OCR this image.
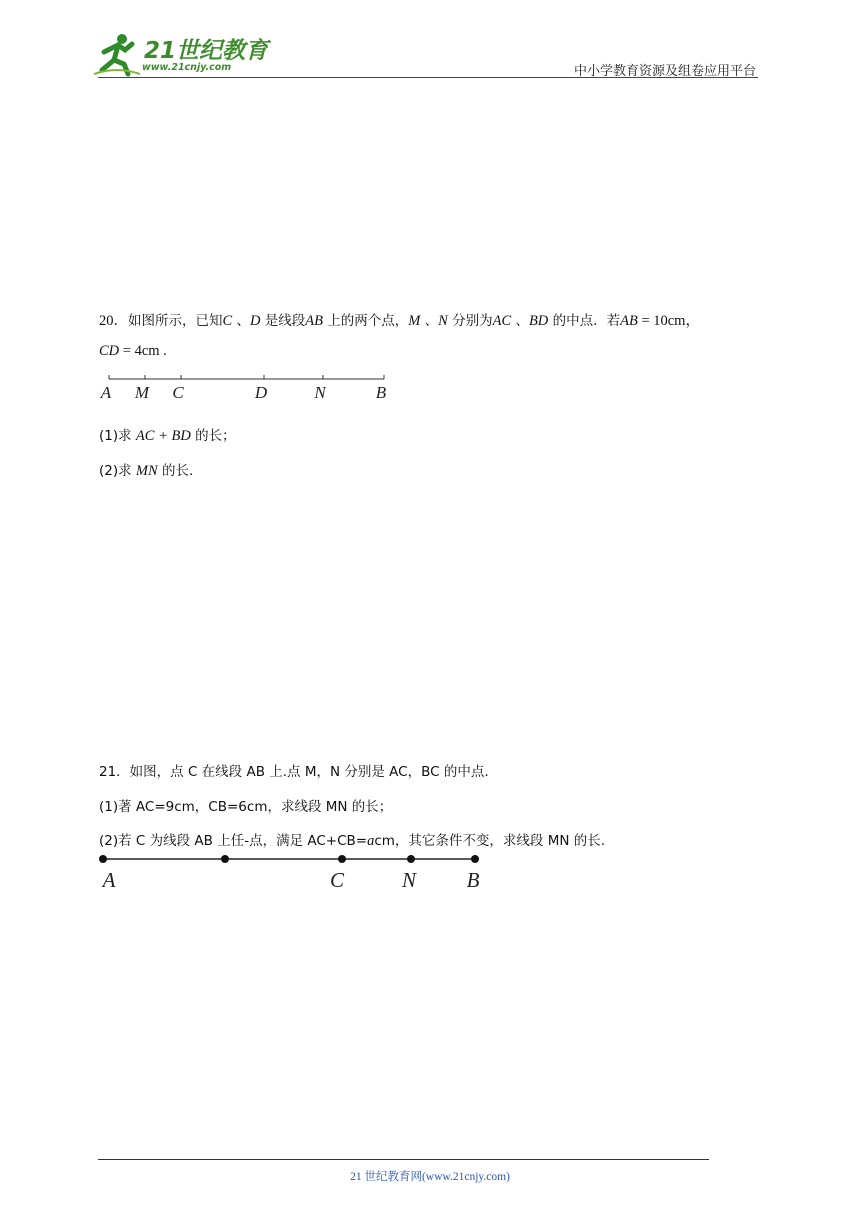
21世纪教育
www.21cnjy.com	中小学教育资源及组卷应用平台
20．如图所示，已知C 、D 是线段AB 上的两个点，M 、N 分别为AC 、BD 的中点．若AB = 10cm，
CD = 4cm .
A M C	D	N	B
(1)求 AC + BD 的长；
(2)求 MN 的长.
21．如图，点 C 在线段 AB 上.点 M，N 分别是 AC，BC 的中点.
(1)著 AC=9cm，CB=6cm，求线段 MN 的长；
(2)若 C 为线段 AB 上任-点，满足 AC+CB=acm，其它条件不变，求线段 MN 的长.
A	C	N B
21 世纪教育网(www.21cnjy.com)
